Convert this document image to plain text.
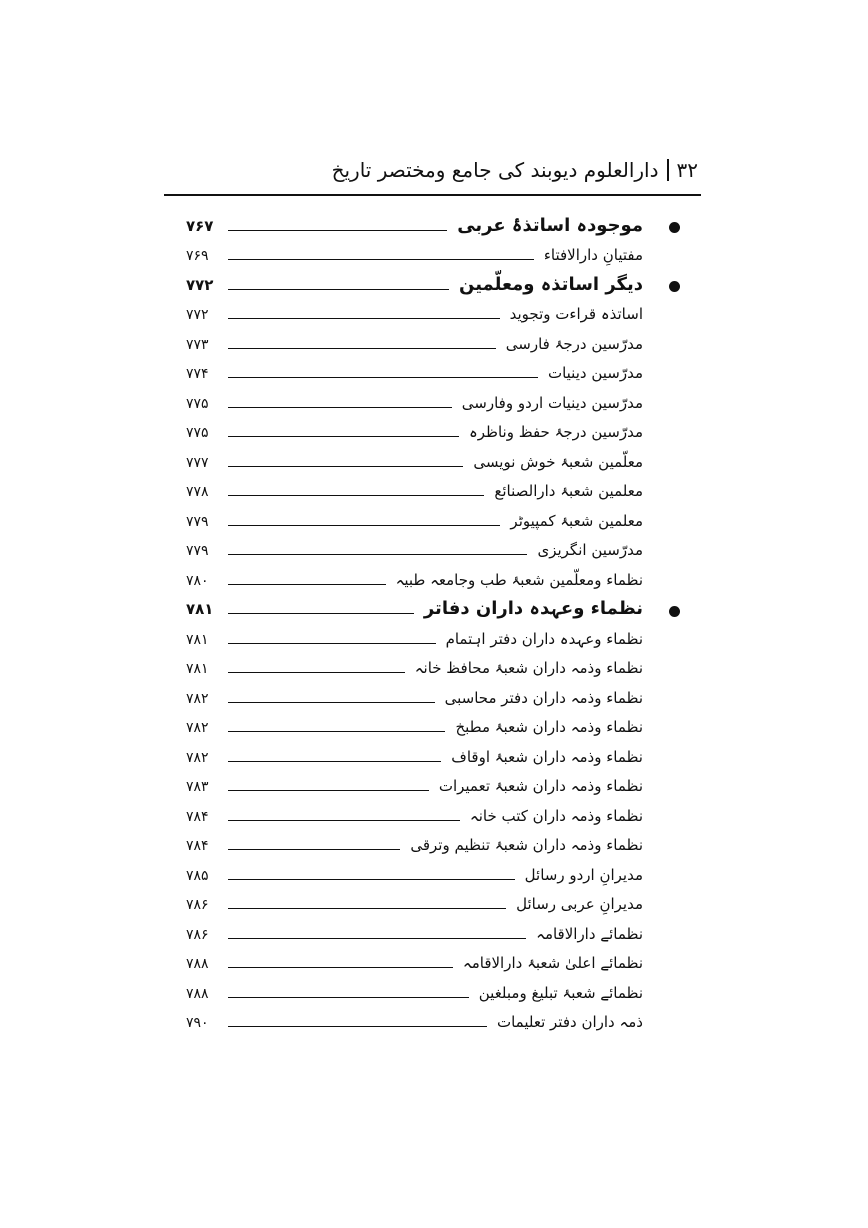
۳۲
دارالعلوم دیوبند کی جامع ومختصر تاریخ
موجودہ اساتذۂ عربی
۷۶۷
مفتیانِ دارالافتاء
۷۶۹
دیگر اساتذہ ومعلّمین
۷۷۲
اساتذہ قراءت وتجوید
۷۷۲
مدرّسین درجۂ فارسی
۷۷۳
مدرّسین دینیات
۷۷۴
مدرّسین دینیات اردو وفارسی
۷۷۵
مدرّسین درجۂ حفظ وناظرہ
۷۷۵
معلّمین شعبۂ خوش نویسی
۷۷۷
معلمین شعبۂ دارالصنائع
۷۷۸
معلمین شعبۂ کمپیوٹر
۷۷۹
مدرّسین انگریزی
۷۷۹
نظماء ومعلّمین شعبۂ طب وجامعہ طبیہ
۷۸۰
نظماء وعہدہ داران دفاتر
۷۸۱
نظماء وعہدہ داران دفتر اہتمام
۷۸۱
نظماء وذمہ داران شعبۂ محافظ خانہ
۷۸۱
نظماء وذمہ داران دفتر محاسبی
۷۸۲
نظماء وذمہ داران شعبۂ مطبخ
۷۸۲
نظماء وذمہ داران شعبۂ اوقاف
۷۸۲
نظماء وذمہ داران شعبۂ تعمیرات
۷۸۳
نظماء وذمہ داران کتب خانہ
۷۸۴
نظماء وذمہ داران شعبۂ تنظیم وترقی
۷۸۴
مدیرانِ اردو رسائل
۷۸۵
مدیرانِ عربی رسائل
۷۸۶
نظمائے دارالاقامہ
۷۸۶
نظمائے اعلیٰ شعبۂ دارالاقامہ
۷۸۸
نظمائے شعبۂ تبلیغ ومبلغین
۷۸۸
ذمہ داران دفتر تعلیمات
۷۹۰
